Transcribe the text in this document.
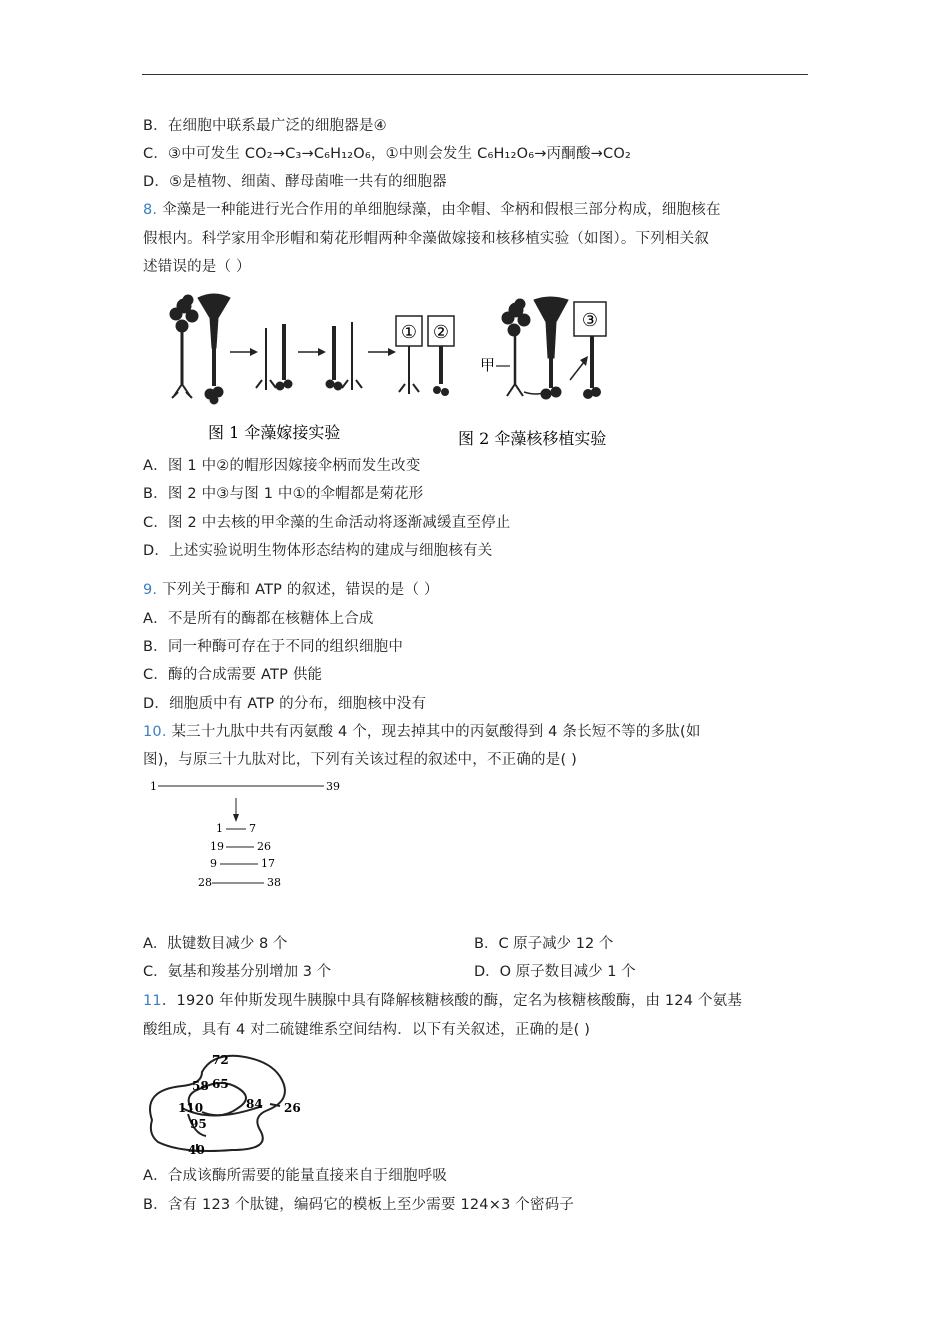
B．在细胞中联系最广泛的细胞器是④
C．③中可发生 CO₂→C₃→C₆H₁₂O₆，①中则会发生 C₆H₁₂O₆→丙酮酸→CO₂
D．⑤是植物、细菌、酵母菌唯一共有的细胞器
8. 伞藻是一种能进行光合作用的单细胞绿藻，由伞帽、伞柄和假根三部分构成，细胞核在
假根内。科学家用伞形帽和菊花形帽两种伞藻做嫁接和核移植实验（如图）。下列相关叙
述错误的是（ ）
① ②
甲
③
图 1 伞藻嫁接实验	图 2 伞藻核移植实验
A．图 1 中②的帽形因嫁接伞柄而发生改变
B．图 2 中③与图 1 中①的伞帽都是菊花形
C．图 2 中去核的甲伞藻的生命活动将逐渐减缓直至停止
D．上述实验说明生物体形态结构的建成与细胞核有关
9. 下列关于酶和 ATP 的叙述，错误的是（ ）
A．不是所有的酶都在核糖体上合成
B．同一种酶可存在于不同的组织细胞中
C．酶的合成需要 ATP 供能
D．细胞质中有 ATP 的分布，细胞核中没有
10. 某三十九肽中共有丙氨酸 4 个，现去掉其中的丙氨酸得到 4 条长短不等的多肽(如
图)，与原三十九肽对比，下列有关该过程的叙述中，不正确的是( )
1	39
1 7
19	26
9	17
28	38
A．肽键数目减少 8 个	B．C 原子减少 12 个
C．氨基和羧基分别增加 3 个	D．O 原子数目减少 1 个
11．1920 年仲斯发现牛胰腺中具有降解核糖核酸的酶，定名为核糖核酸酶，由 124 个氨基
酸组成，具有 4 对二硫键维系空间结构．以下有关叙述，正确的是( )
72
58 65
110	84 26
95
40
A．合成该酶所需要的能量直接来自于细胞呼吸
B．含有 123 个肽键，编码它的模板上至少需要 124×3 个密码子
